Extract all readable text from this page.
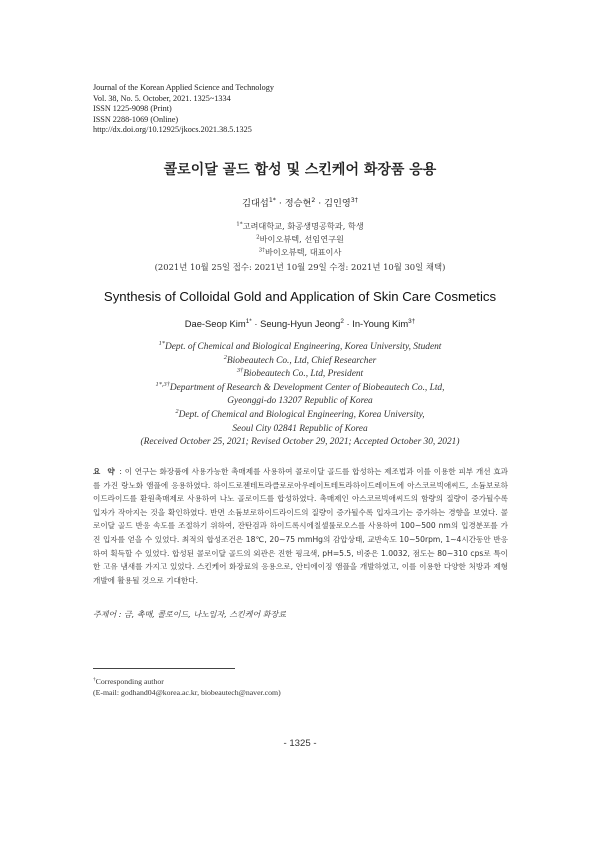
Journal of the Korean Applied Science and Technology
Vol. 38, No. 5. October, 2021. 1325~1334
ISSN 1225-9098 (Print)
ISSN 2288-1069 (Online)
http://dx.doi.org/10.12925/jkocs.2021.38.5.1325
콜로이달 골드 합성 및 스킨케어 화장품 응용
김대섭$^{1*}$ · 정승현$^2$ · 김인영$^{3\dagger}$
$^{1*}$고려대학교, 화공생명공학과, 학생
$^2$바이오뷰텍, 선임연구원
$^{3\dagger}$바이오뷰텍, 대표이사
(2021년 10월 25일 접수: 2021년 10월 29일 수정: 2021년 10월 30일 채택)
Synthesis of Colloidal Gold and Application of Skin Care Cosmetics
Dae-Seop Kim$^{1*}$ · Seung-Hyun Jeong$^2$ · In-Young Kim$^{3\dagger}$
$^{1*}$Dept. of Chemical and Biological Engineering, Korea University, Student
$^2$Biobeautech Co., Ltd, Chief Researcher
$^{3\dagger}$Biobeautech Co., Ltd, President
$^{1*,3\dagger}$Department of Research & Development Center of Biobeautech Co., Ltd,
Gyeonggi-do 13207 Republic of Korea
$^2$Dept. of Chemical and Biological Engineering, Korea University,
Seoul City 02841 Republic of Korea
(Received October 25, 2021; Revised October 29, 2021; Accepted October 30, 2021)
요 약 : 이 연구는 화장품에 사용가능한 촉매제를 사용하여 콜로이달 골드를 합성하는 제조법과 이를 이용한 피부 개선 효과를 가진 랑노화 앰플에 응용하였다. 하이드로젠테트라클로로아우레이트테트라하이드레이트에 아스코르빅애씨드, 소듐보로하이드라이드를 환원촉매제로 사용하여 나노 골로이드를 합성하였다. 촉매제인 아스코르빅애씨드의 함량의 질량이 증가될수록 입자가 작아지는 것을 확인하였다. 반면 소듐보로하이드라이드의 질량이 증가될수록 입자크기는 증가하는 경향을 보였다. 콜로이달 골드 반응 속도를 조절하기 위하여, 잔탄검과 하이드록시에칠셀룰로오스를 사용하여 100~500 nm의 입경분포를 가진 입자를 얻을 수 있었다. 최적의 합성조건은 18℃, 20~75 mmHg의 감압상태, 교반속도 10~50rpm, 1~4시간동안 반응하여 획득할 수 있었다. 합성된 콜로이달 골드의 외관은 진한 핑크색, pH=5.5, 비중은 1.0032, 점도는 80~310 cps로 특이한 고유 냄새를 가지고 있었다. 스킨케어 화장료의 응용으로, 안티에이징 앰플을 개발하였고, 이를 이용한 다양한 처방과 제형개발에 활용될 것으로 기대한다.
주제어 : 금, 촉매, 콜로이드, 나노입자, 스킨케어 화장료
†Corresponding author
(E-mail: godhand04@korea.ac.kr, biobeautech@naver.com)
- 1325 -
